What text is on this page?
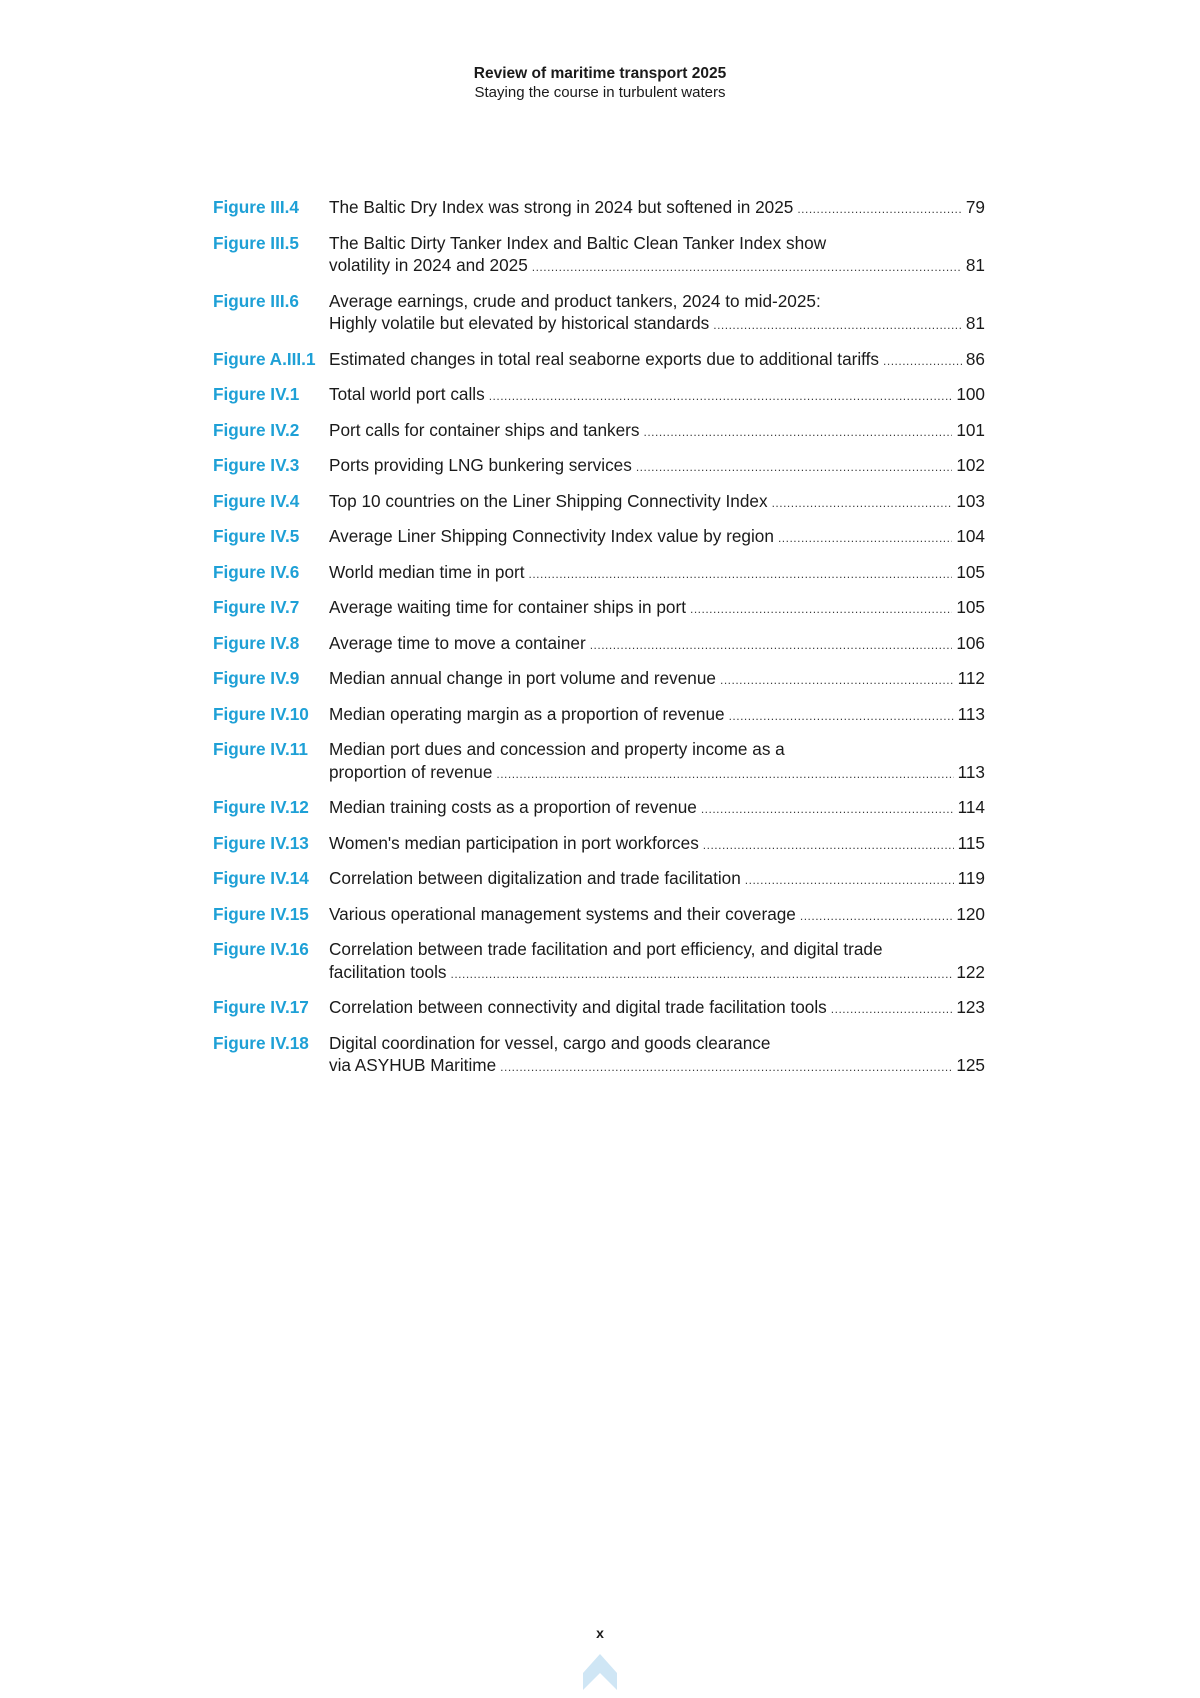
Review of maritime transport 2025
Staying the course in turbulent waters
Figure III.4	The Baltic Dry Index was strong in 2024 but softened in 2025 .....	79
Figure III.5	The Baltic Dirty Tanker Index and Baltic Clean Tanker Index show
volatility in 2024 and 2025 .....	81
Figure III.6	Average earnings, crude and product tankers, 2024 to mid-2025:
Highly volatile but elevated by historical standards .....	81
Figure A.III.1 Estimated changes in total real seaborne exports due to additional tariffs .....	86
Figure IV.1	Total world port calls .....	100
Figure IV.2	Port calls for container ships and tankers .....	101
Figure IV.3	Ports providing LNG bunkering services .....	102
Figure IV.4	Top 10 countries on the Liner Shipping Connectivity Index .....	103
Figure IV.5	Average Liner Shipping Connectivity Index value by region .....	104
Figure IV.6	World median time in port .....	105
Figure IV.7	Average waiting time for container ships in port .....	105
Figure IV.8	Average time to move a container .....	106
Figure IV.9	Median annual change in port volume and revenue .....	112
Figure IV.10	Median operating margin as a proportion of revenue .....	113
Figure IV.11	Median port dues and concession and property income as a
proportion of revenue .....	113
Figure IV.12	Median training costs as a proportion of revenue .....	114
Figure IV.13	Women's median participation in port workforces .....	115
Figure IV.14	Correlation between digitalization and trade facilitation .....	119
Figure IV.15	Various operational management systems and their coverage .....	120
Figure IV.16	Correlation between trade facilitation and port efficiency, and digital trade
facilitation tools .....	122
Figure IV.17	Correlation between connectivity and digital trade facilitation tools .....	123
Figure IV.18	Digital coordination for vessel, cargo and goods clearance
via ASYHUB Maritime .....	125
x
